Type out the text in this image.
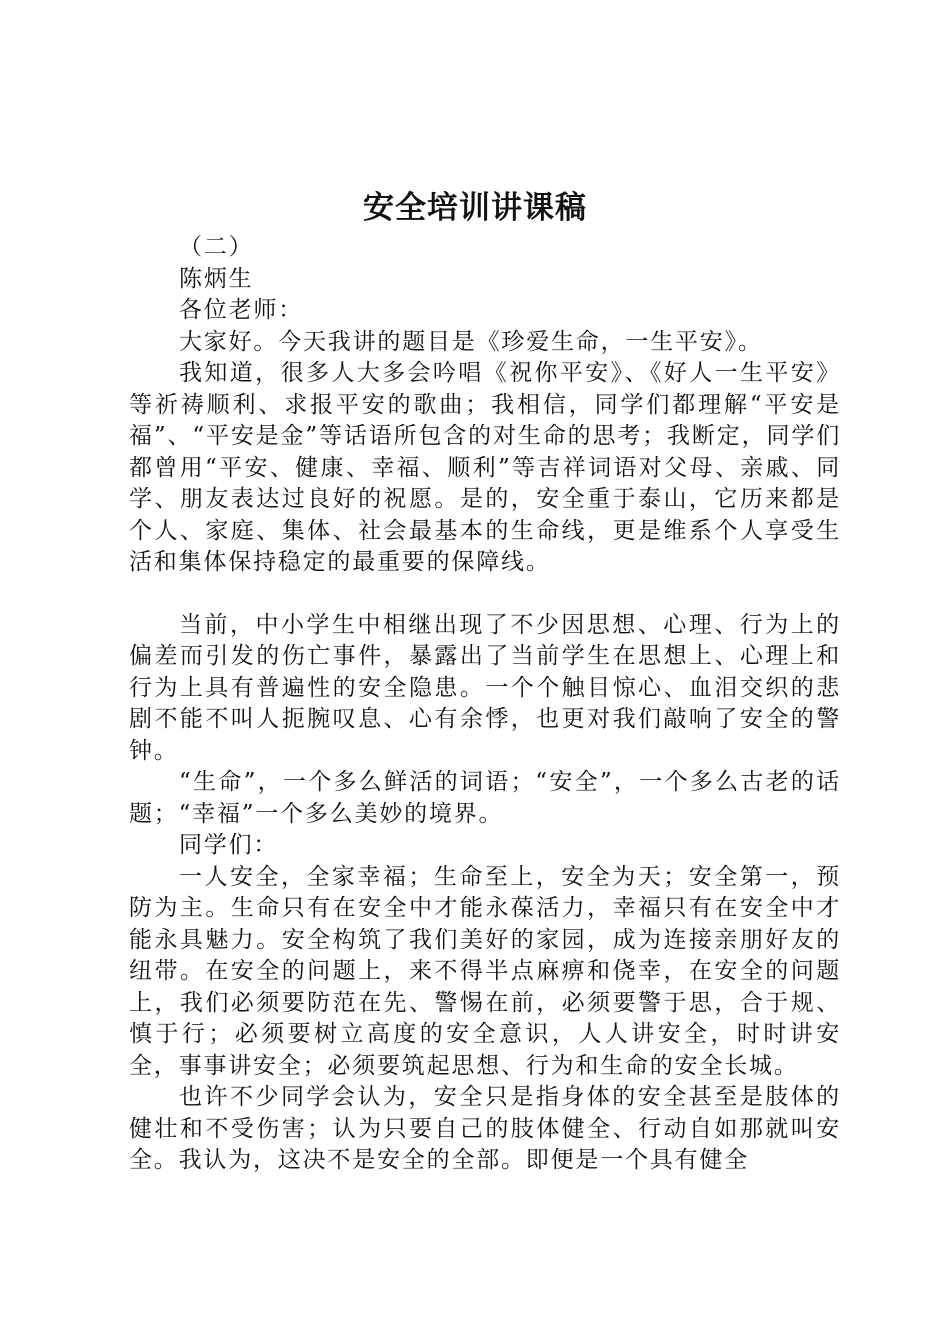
安全培训讲课稿

（二）

陈炳生

各位老师：

大家好。今天我讲的题目是《珍爱生命，一生平安》。

我知道，很多人大多会吟唱《祝你平安》、《好人一生平安》等祈祷顺利、求报平安的歌曲；我相信，同学们都理解“平安是福”、“平安是金”等话语所包含的对生命的思考；我断定，同学们都曾用“平安、健康、幸福、顺利”等吉祥词语对父母、亲戚、同学、朋友表达过良好的祝愿。是的，安全重于泰山，它历来都是个人、家庭、集体、社会最基本的生命线，更是维系个人享受生活和集体保持稳定的最重要的保障线。

当前，中小学生中相继出现了不少因思想、心理、行为上的偏差而引发的伤亡事件，暴露出了当前学生在思想上、心理上和行为上具有普遍性的安全隐患。一个个触目惊心、血泪交织的悲剧不能不叫人扼腕叹息、心有余悸，也更对我们敲响了安全的警钟。

“生命”，一个多么鲜活的词语；“安全”，一个多么古老的话题；“幸福”一个多么美妙的境界。

同学们：

一人安全，全家幸福；生命至上，安全为天；安全第一，预防为主。生命只有在安全中才能永葆活力，幸福只有在安全中才能永具魅力。安全构筑了我们美好的家园，成为连接亲朋好友的纽带。在安全的问题上，来不得半点麻痹和侥幸，在安全的问题上，我们必须要防范在先、警惕在前，必须要警于思，合于规、慎于行；必须要树立高度的安全意识，人人讲安全，时时讲安全，事事讲安全；必须要筑起思想、行为和生命的安全长城。

也许不少同学会认为，安全只是指身体的安全甚至是肢体的健壮和不受伤害；认为只要自己的肢体健全、行动自如那就叫安全。我认为，这决不是安全的全部。即便是一个具有健全
